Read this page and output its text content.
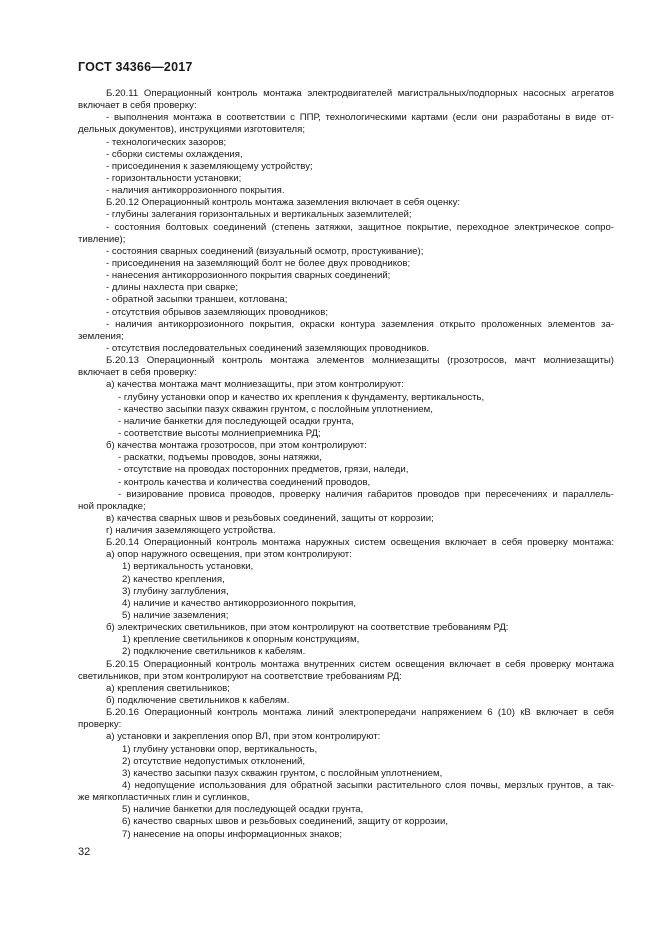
ГОСТ 34366—2017
Б.20.11 Операционный контроль монтажа электродвигателей магистральных/подпорных насосных агрегатов
включает в себя проверку:
- выполнения монтажа в соответствии с ППР, технологическими картами (если они разработаны в виде от-
дельных документов), инструкциями изготовителя;
- технологических зазоров;
- сборки системы охлаждения,
- присоединения к заземляющему устройству;
- горизонтальности установки;
- наличия антикоррозионного покрытия.
Б.20.12 Операционный контроль монтажа заземления включает в себя оценку:
- глубины залегания горизонтальных и вертикальных заземлителей;
- состояния болтовых соединений (степень затяжки, защитное покрытие, переходное электрическое сопро-
тивление);
- состояния сварных соединений (визуальный осмотр, простукивание);
- присоединения на заземляющий болт не более двух проводников;
- нанесения антикоррозионного покрытия сварных соединений;
- длины нахлеста при сварке;
- обратной засыпки траншеи, котлована;
- отсутствия обрывов заземляющих проводников;
- наличия антикоррозионного покрытия, окраски контура заземления открыто проложенных элементов за-
земления;
- отсутствия последовательных соединений заземляющих проводников.
Б.20.13 Операционный контроль монтажа элементов молниезащиты (грозотросов, мачт молниезащиты)
включает в себя проверку:
а) качества монтажа мачт молниезащиты, при этом контролируют:
- глубину установки опор и качество их крепления к фундаменту, вертикальность,
- качество засыпки пазух скважин грунтом, с послойным уплотнением,
- наличие банкетки для последующей осадки грунта,
- соответствие высоты молниеприемника РД;
б) качества монтажа грозотросов, при этом контролируют:
- раскатки, подъемы проводов, зоны натяжки,
- отсутствие на проводах посторонних предметов, грязи, наледи,
- контроль качества и количества соединений проводов,
- визирование провиса проводов, проверку наличия габаритов проводов при пересечениях и параллель-
ной прокладке;
в) качества сварных швов и резьбовых соединений, защиты от коррозии;
г) наличия заземляющего устройства.
Б.20.14 Операционный контроль монтажа наружных систем освещения включает в себя проверку монтажа:
а) опор наружного освещения, при этом контролируют:
1) вертикальность установки,
2) качество крепления,
3) глубину заглубления,
4) наличие и качество антикоррозионного покрытия,
5) наличие заземления;
б) электрических светильников, при этом контролируют на соответствие требованиям РД:
1) крепление светильников к опорным конструкциям,
2) подключение светильников к кабелям.
Б.20.15 Операционный контроль монтажа внутренних систем освещения включает в себя проверку монтажа
светильников, при этом контролируют на соответствие требованиям РД:
а) крепления светильников;
б) подключение светильников к кабелям.
Б.20.16 Операционный контроль монтажа линий электропередачи напряжением 6 (10) кВ включает в себя
проверку:
а) установки и закрепления опор ВЛ, при этом контролируют:
1) глубину установки опор, вертикальность,
2) отсутствие недопустимых отклонений,
3) качество засыпки пазух скважин грунтом, с послойным уплотнением,
4) недопущение использования для обратной засыпки растительного слоя почвы, мерзлых грунтов, а так-
же мягкопластичных глин и суглинков,
5) наличие банкетки для последующей осадки грунта,
6) качество сварных швов и резьбовых соединений, защиту от коррозии,
7) нанесение на опоры информационных знаков;
32
